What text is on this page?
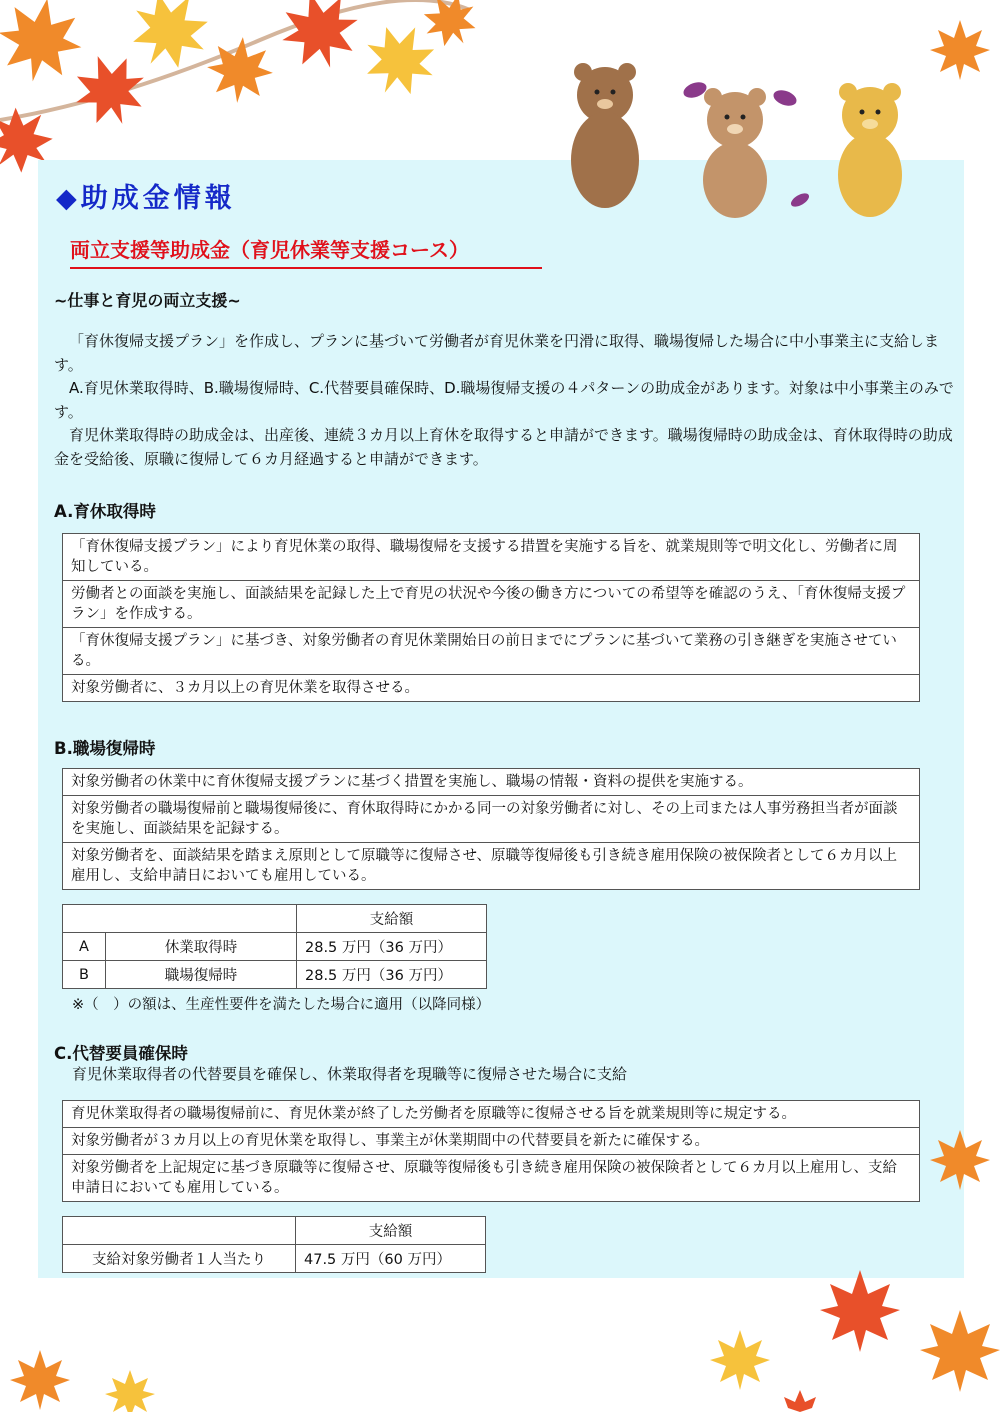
◆助成金情報
両立支援等助成金（育児休業等支援コース）
~仕事と育児の両立支援~

「育休復帰支援プラン」を作成し、プランに基づいて労働者が育児休業を円滑に取得、職場復帰した場合に中小事業主に支給します。

A.育児休業取得時、B.職場復帰時、C.代替要員確保時、D.職場復帰支援の４パターンの助成金があります。対象は中小事業主のみです。

育児休業取得時の助成金は、出産後、連続３カ月以上育休を取得すると申請ができます。職場復帰時の助成金は、育休取得時の助成金を受給後、原職に復帰して６カ月経過すると申請ができます。

A.育休取得時
「育休復帰支援プラン」により育児休業の取得、職場復帰を支援する措置を実施する旨を、就業規則等で明文化し、労働者に周知している。
労働者との面談を実施し、面談結果を記録した上で育児の状況や今後の働き方についての希望等を確認のうえ、「育休復帰支援プラン」を作成する。
「育休復帰支援プラン」に基づき、対象労働者の育児休業開始日の前日までにプランに基づいて業務の引き継ぎを実施させている。
対象労働者に、３カ月以上の育児休業を取得させる。
B.職場復帰時
対象労働者の休業中に育休復帰支援プランに基づく措置を実施し、職場の情報・資料の提供を実施する。
対象労働者の職場復帰前と職場復帰後に、育休取得時にかかる同一の対象労働者に対し、その上司または人事労務担当者が面談を実施し、面談結果を記録する。
対象労働者を、面談結果を踏まえ原則として原職等に復帰させ、原職等復帰後も引き続き雇用保険の被保険者として６カ月以上雇用し、支給申請日においても雇用している。
		支給額
A	休業取得時	28.5 万円（36 万円）
B	職場復帰時	28.5 万円（36 万円）
※（　）の額は、生産性要件を満たした場合に適用（以降同様）
C.代替要員確保時
育児休業取得者の代替要員を確保し、休業取得者を現職等に復帰させた場合に支給
育児休業取得者の職場復帰前に、育児休業が終了した労働者を原職等に復帰させる旨を就業規則等に規定する。
対象労働者が３カ月以上の育児休業を取得し、事業主が休業期間中の代替要員を新たに確保する。
対象労働者を上記規定に基づき原職等に復帰させ、原職等復帰後も引き続き雇用保険の被保険者として６カ月以上雇用し、支給申請日においても雇用している。
	支給額
支給対象労働者１人当たり	47.5 万円（60 万円）
